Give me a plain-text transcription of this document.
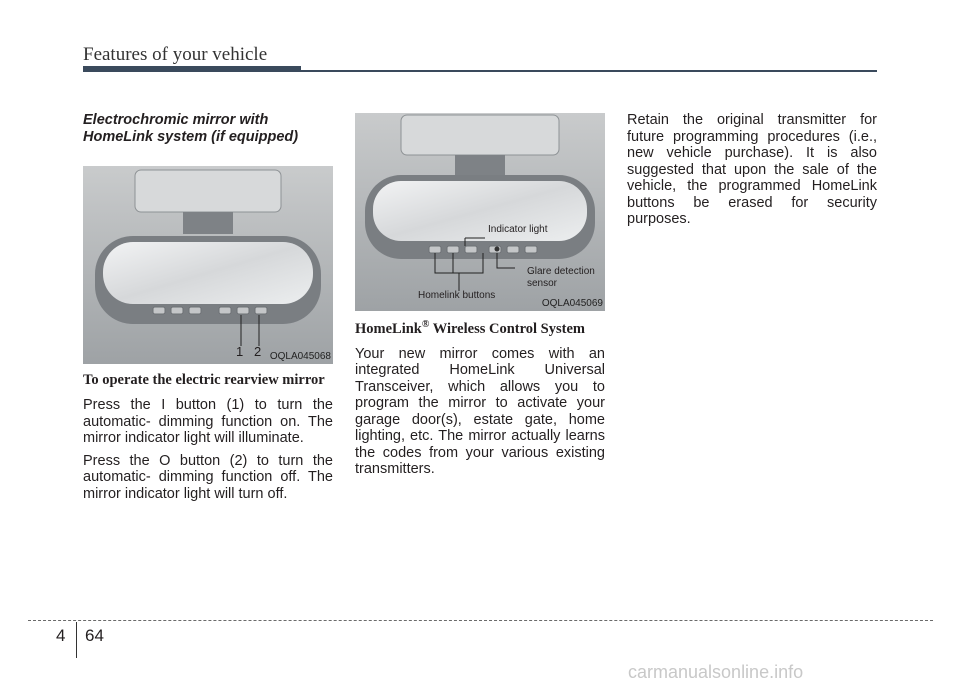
Features of your vehicle
Electrochromic mirror with HomeLink system (if equipped)
1 2 OQLA045068
To operate the electric rearview mirror
Press the I button (1) to turn the automatic- dimming function on. The mirror indicator light will illuminate.
Press the O button (2) to turn the automatic- dimming function off. The mirror indicator light will turn off.
Indicator light
Glare detection
sensor
Homelink buttons
OQLA045069
HomeLink® Wireless Control System
Your new mirror comes with an integrated HomeLink Universal Transceiver, which allows you to program the mirror to activate your garage door(s), estate gate, home lighting, etc. The mirror actually learns the codes from your various existing transmitters.
Retain the original transmitter for future programming procedures (i.e., new vehicle purchase). It is also suggested that upon the sale of the vehicle, the programmed HomeLink buttons be erased for security purposes.
4 64
carmanualsonline.info
